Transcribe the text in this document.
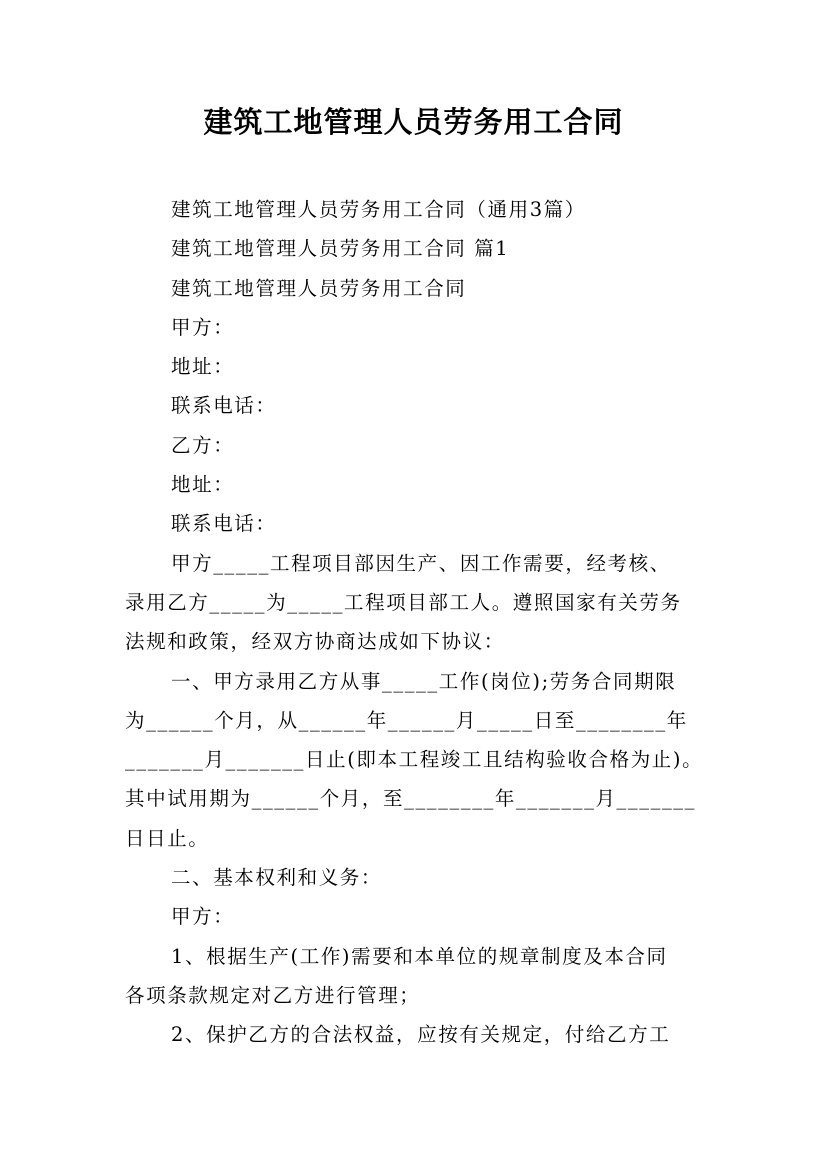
建筑工地管理人员劳务用工合同

建筑工地管理人员劳务用工合同（通用3篇）

建筑工地管理人员劳务用工合同 篇1

建筑工地管理人员劳务用工合同

甲方：

地址：

联系电话：

乙方：

地址：

联系电话：

甲方_____工程项目部因生产、因工作需要，经考核、

录用乙方_____为_____工程项目部工人。遵照国家有关劳务

法规和政策，经双方协商达成如下协议：

一、甲方录用乙方从事_____工作(岗位);劳务合同期限

为______个月，从______年______月_____日至________年

_______月_______日止(即本工程竣工且结构验收合格为止)。

其中试用期为______个月，至________年_______月_______

日日止。

二、基本权利和义务：

甲方：

1、根据生产(工作)需要和本单位的规章制度及本合同

各项条款规定对乙方进行管理；

2、保护乙方的合法权益，应按有关规定，付给乙方工
